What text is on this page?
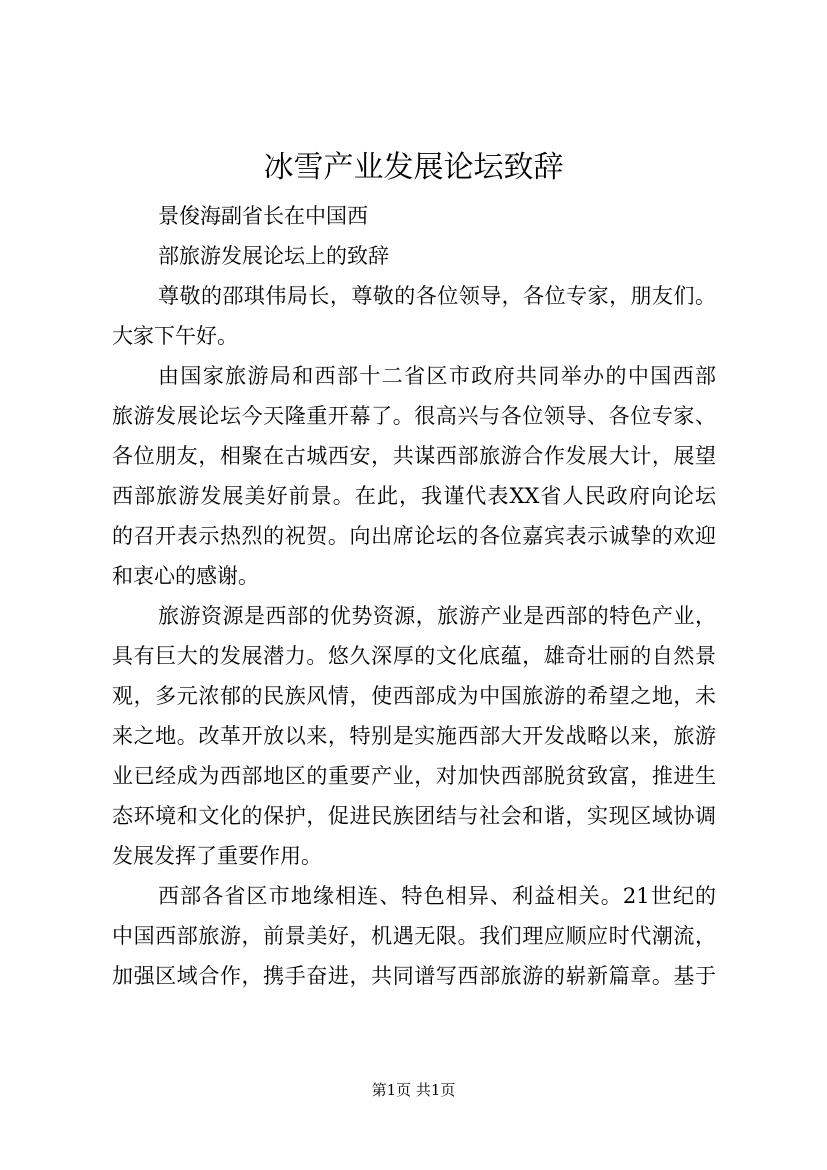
冰雪产业发展论坛致辞
景俊海副省长在中国西
部旅游发展论坛上的致辞
尊敬的邵琪伟局长，尊敬的各位领导，各位专家，朋友们。
大家下午好。
由国家旅游局和西部十二省区市政府共同举办的中国西部
旅游发展论坛今天隆重开幕了。很高兴与各位领导、各位专家、
各位朋友，相聚在古城西安，共谋西部旅游合作发展大计，展望
西部旅游发展美好前景。在此，我谨代表XX省人民政府向论坛
的召开表示热烈的祝贺。向出席论坛的各位嘉宾表示诚挚的欢迎
和衷心的感谢。
旅游资源是西部的优势资源，旅游产业是西部的特色产业，
具有巨大的发展潜力。悠久深厚的文化底蕴，雄奇壮丽的自然景
观，多元浓郁的民族风情，使西部成为中国旅游的希望之地，未
来之地。改革开放以来，特别是实施西部大开发战略以来，旅游
业已经成为西部地区的重要产业，对加快西部脱贫致富，推进生
态环境和文化的保护，促进民族团结与社会和谐，实现区域协调
发展发挥了重要作用。
西部各省区市地缘相连、特色相异、利益相关。21世纪的
中国西部旅游，前景美好，机遇无限。我们理应顺应时代潮流，
加强区域合作，携手奋进，共同谱写西部旅游的崭新篇章。基于
第1页 共1页
